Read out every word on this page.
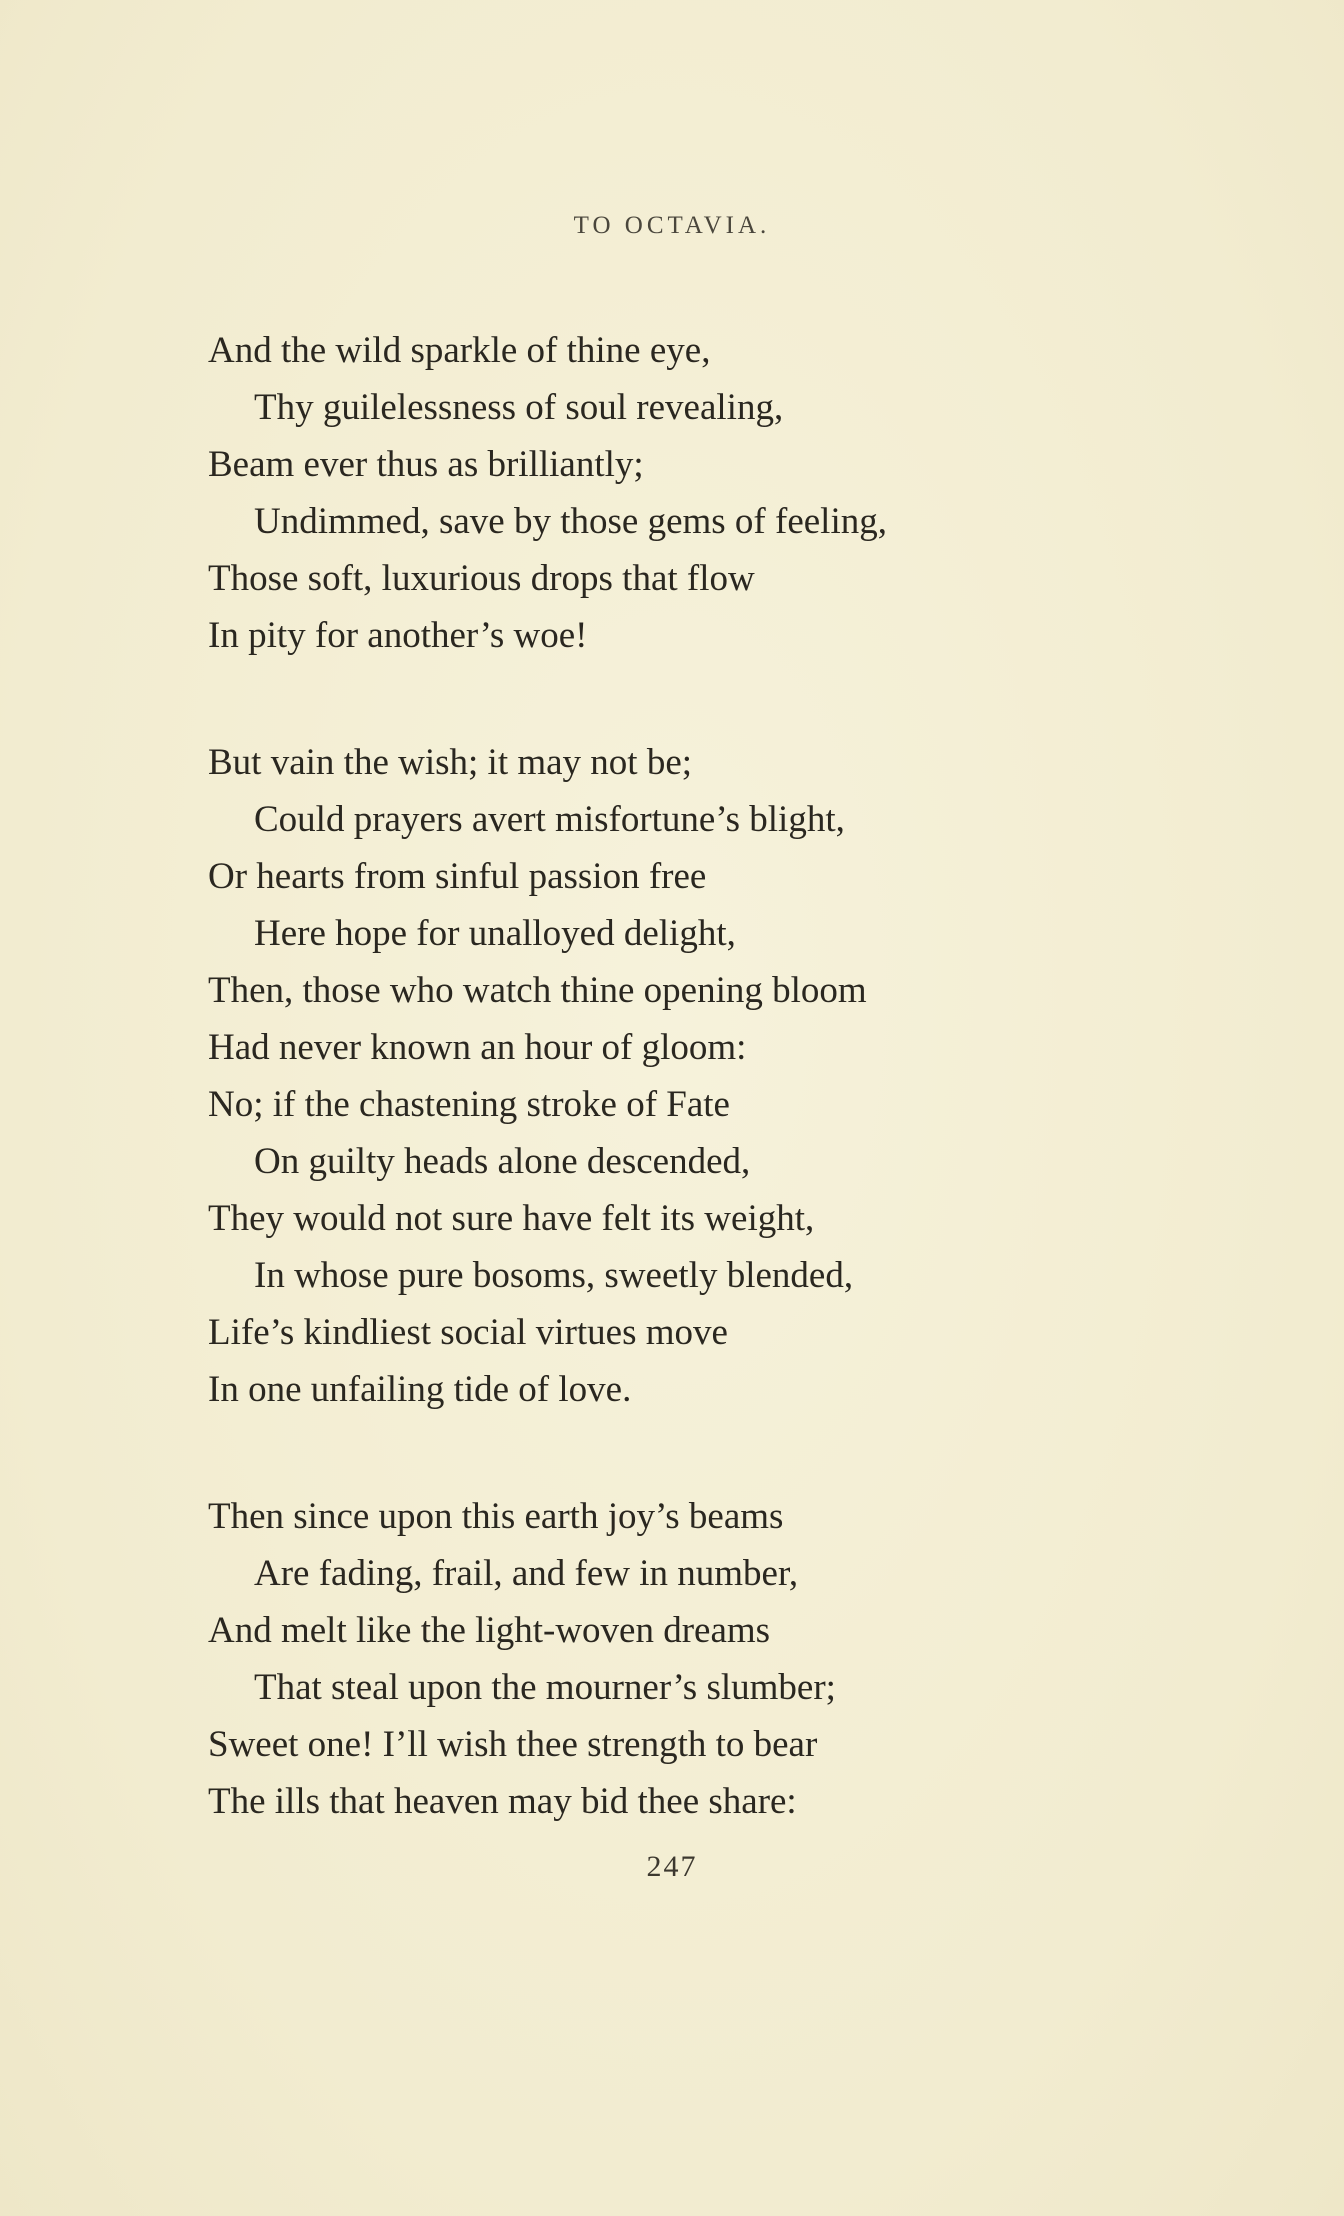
TO OCTAVIA.
And the wild sparkle of thine eye,
Thy guilelessness of soul revealing,
Beam ever thus as brilliantly;
Undimmed, save by those gems of feeling,
Those soft, luxurious drops that flow
In pity for another’s woe!
But vain the wish; it may not be;
Could prayers avert misfortune’s blight,
Or hearts from sinful passion free
Here hope for unalloyed delight,
Then, those who watch thine opening bloom
Had never known an hour of gloom:
No; if the chastening stroke of Fate
On guilty heads alone descended,
They would not sure have felt its weight,
In whose pure bosoms, sweetly blended,
Life’s kindliest social virtues move
In one unfailing tide of love.
Then since upon this earth joy’s beams
Are fading, frail, and few in number,
And melt like the light-woven dreams
That steal upon the mourner’s slumber;
Sweet one! I’ll wish thee strength to bear
The ills that heaven may bid thee share:
247
